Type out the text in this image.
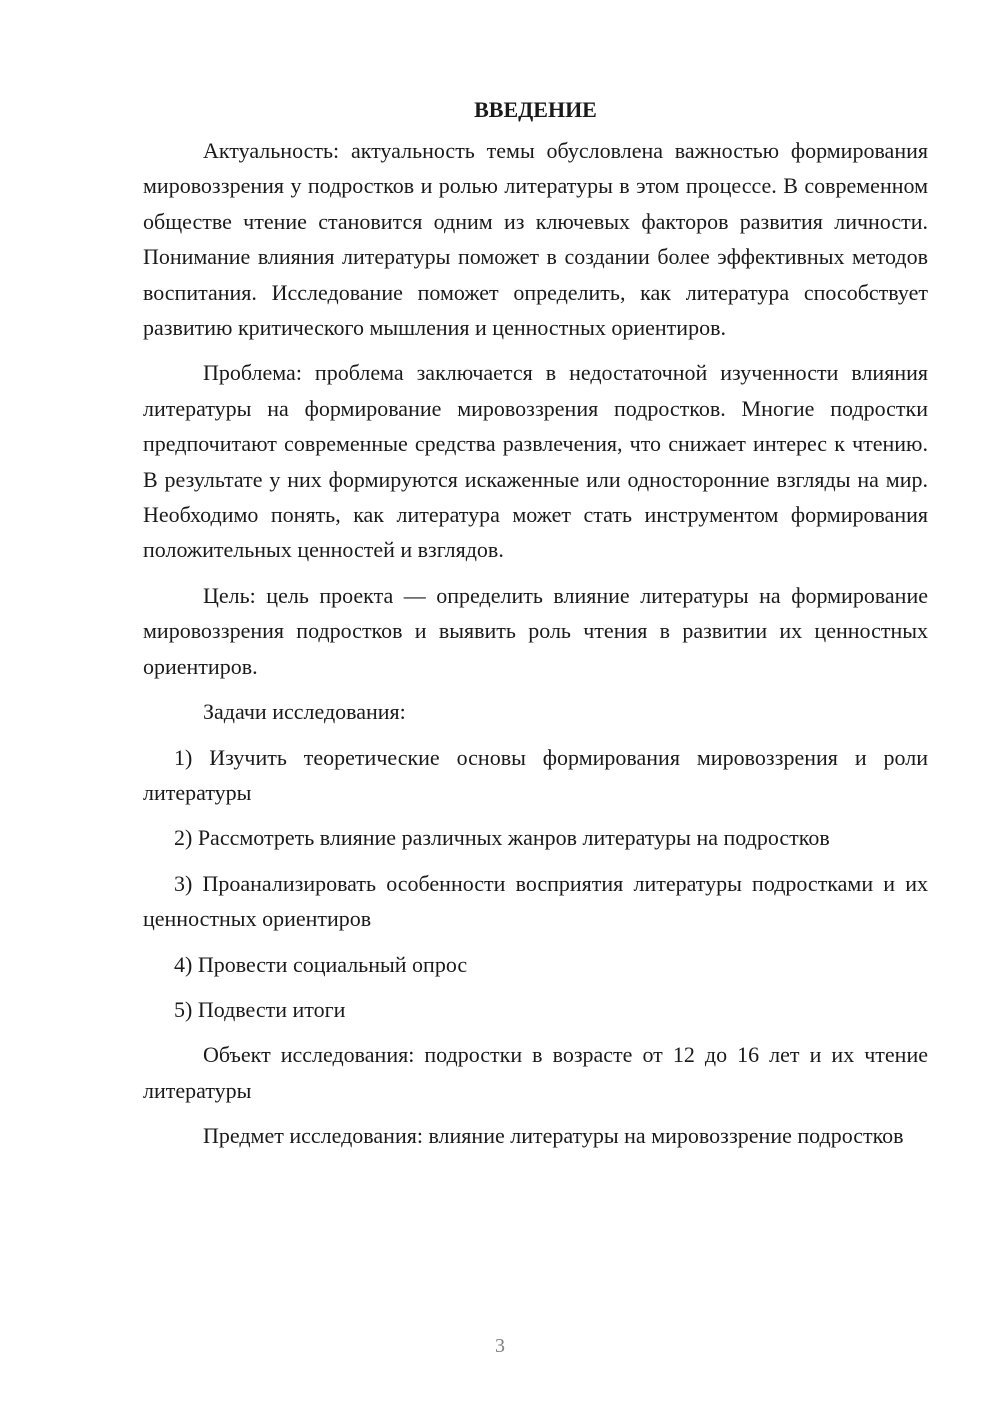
ВВЕДЕНИЕ

Актуальность: актуальность темы обусловлена важностью формирования мировоззрения у подростков и ролью литературы в этом процессе. В современном обществе чтение становится одним из ключевых факторов развития личности. Понимание влияния литературы поможет в создании более эффективных методов воспитания. Исследование поможет определить, как литература способствует развитию критического мышления и ценностных ориентиров.

Проблема: проблема заключается в недостаточной изученности влияния литературы на формирование мировоззрения подростков. Многие подростки предпочитают современные средства развлечения, что снижает интерес к чтению. В результате у них формируются искаженные или односторонние взгляды на мир. Необходимо понять, как литература может стать инструментом формирования положительных ценностей и взглядов.

Цель: цель проекта — определить влияние литературы на формирование мировоззрения подростков и выявить роль чтения в развитии их ценностных ориентиров.

Задачи исследования:

1) Изучить теоретические основы формирования мировоззрения и роли литературы

2) Рассмотреть влияние различных жанров литературы на подростков

3) Проанализировать особенности восприятия литературы подростками и их ценностных ориентиров

4) Провести социальный опрос

5) Подвести итоги

Объект исследования: подростки в возрасте от 12 до 16 лет и их чтение литературы

Предмет исследования: влияние литературы на мировоззрение подростков

3
